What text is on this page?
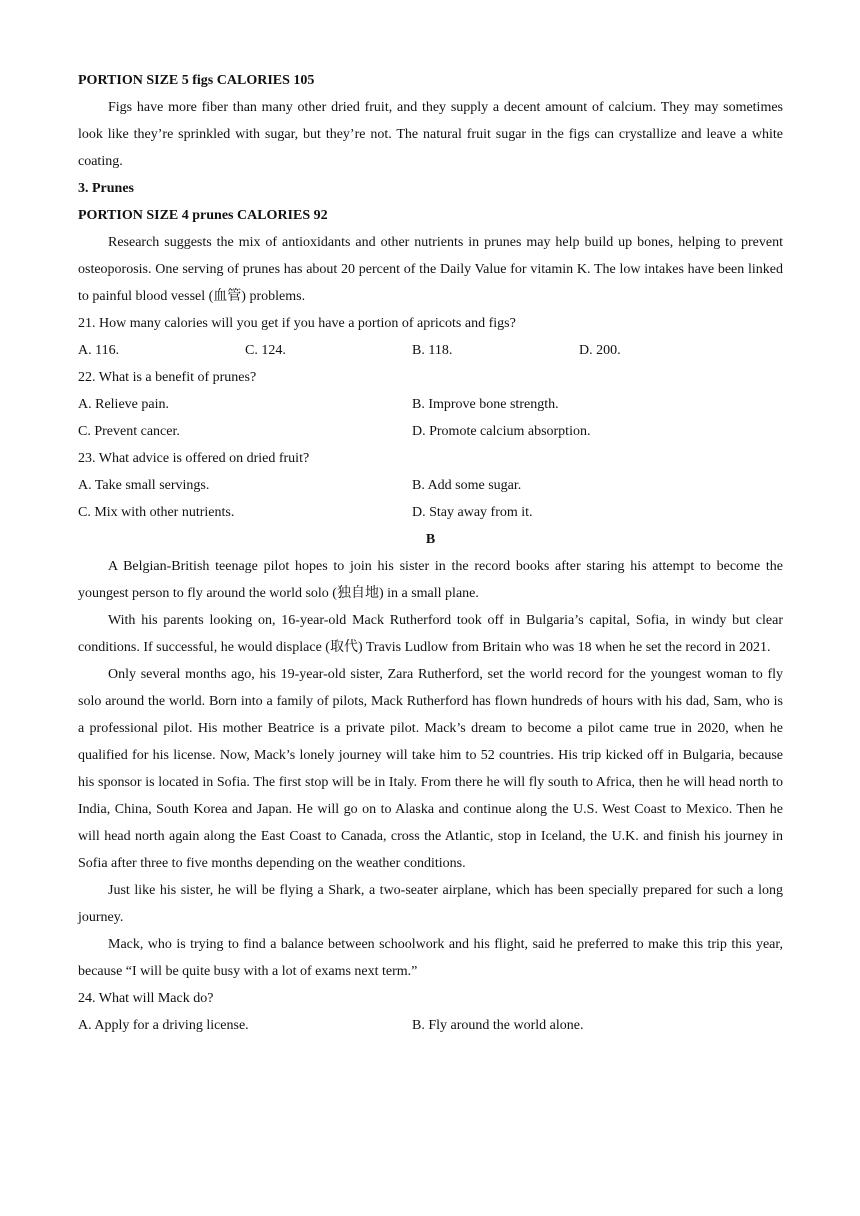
PORTION SIZE 5 figs CALORIES 105
Figs have more fiber than many other dried fruit, and they supply a decent amount of calcium. They may sometimes look like they’re sprinkled with sugar, but they’re not. The natural fruit sugar in the figs can crystallize and leave a white coating.
3. Prunes
PORTION SIZE 4 prunes CALORIES 92
Research suggests the mix of antioxidants and other nutrients in prunes may help build up bones, helping to prevent osteoporosis. One serving of prunes has about 20 percent of the Daily Value for vitamin K. The low intakes have been linked to painful blood vessel (血管) problems.
21. How many calories will you get if you have a portion of apricots and figs?
A. 116.	C. 124.	B. 118.	D. 200.
22. What is a benefit of prunes?
A. Relieve pain.	B. Improve bone strength.
C. Prevent cancer.	D. Promote calcium absorption.
23. What advice is offered on dried fruit?
A. Take small servings.	B. Add some sugar.
C. Mix with other nutrients.	D. Stay away from it.
B
A Belgian-British teenage pilot hopes to join his sister in the record books after staring his attempt to become the youngest person to fly around the world solo (独自地) in a small plane.
With his parents looking on, 16-year-old Mack Rutherford took off in Bulgaria’s capital, Sofia, in windy but clear conditions. If successful, he would displace (取代) Travis Ludlow from Britain who was 18 when he set the record in 2021.
Only several months ago, his 19-year-old sister, Zara Rutherford, set the world record for the youngest woman to fly solo around the world. Born into a family of pilots, Mack Rutherford has flown hundreds of hours with his dad, Sam, who is a professional pilot. His mother Beatrice is a private pilot. Mack’s dream to become a pilot came true in 2020, when he qualified for his license. Now, Mack’s lonely journey will take him to 52 countries. His trip kicked off in Bulgaria, because his sponsor is located in Sofia. The first stop will be in Italy. From there he will fly south to Africa, then he will head north to India, China, South Korea and Japan. He will go on to Alaska and continue along the U.S. West Coast to Mexico. Then he will head north again along the East Coast to Canada, cross the Atlantic, stop in Iceland, the U.K. and finish his journey in Sofia after three to five months depending on the weather conditions.
Just like his sister, he will be flying a Shark, a two-seater airplane, which has been specially prepared for such a long journey.
Mack, who is trying to find a balance between schoolwork and his flight, said he preferred to make this trip this year, because “I will be quite busy with a lot of exams next term.”
24. What will Mack do?
A. Apply for a driving license.	B. Fly around the world alone.
